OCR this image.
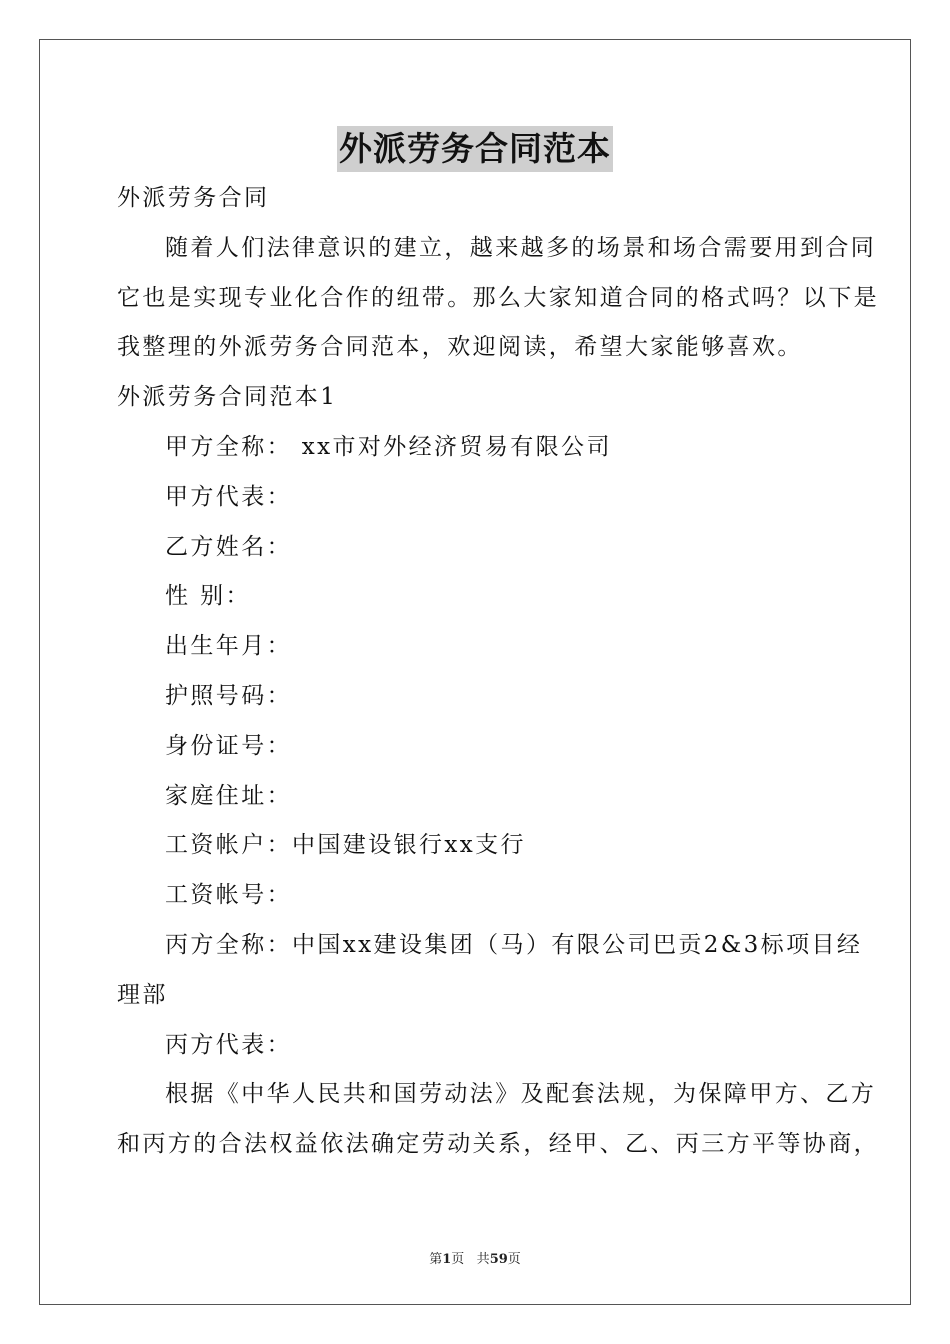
外派劳务合同范本
外派劳务合同
随着人们法律意识的建立，越来越多的场景和场合需要用到合同
它也是实现专业化合作的纽带。那么大家知道合同的格式吗？以下是
我整理的外派劳务合同范本，欢迎阅读，希望大家能够喜欢。
外派劳务合同范本1
甲方全称： xx市对外经济贸易有限公司
甲方代表：
乙方姓名：
性 别：
出生年月：
护照号码：
身份证号：
家庭住址：
工资帐户：中国建设银行xx支行
工资帐号：
丙方全称：中国xx建设集团（马）有限公司巴贡2&3标项目经
理部
丙方代表：
根据《中华人民共和国劳动法》及配套法规，为保障甲方、乙方
和丙方的合法权益依法确定劳动关系，经甲、乙、丙三方平等协商，
第1页 共59页
